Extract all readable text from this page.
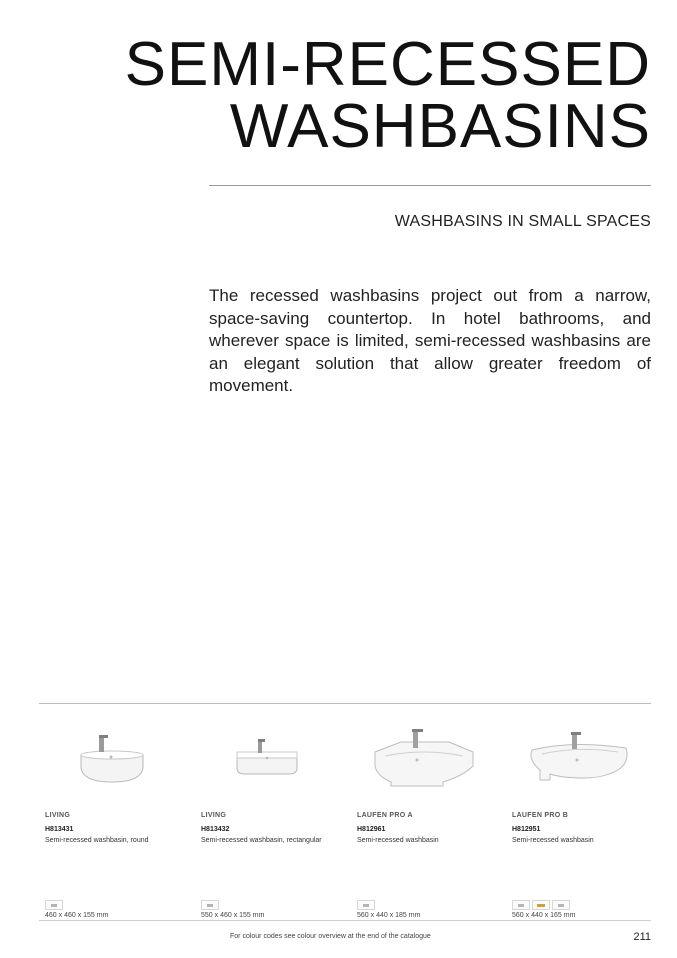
SEMI-RECESSED
WASHBASINS
WASHBASINS IN SMALL SPACES

The recessed washbasins project out from a narrow, space-saving countertop. In hotel bathrooms, and wherever space is limited, semi-recessed washbasins are an elegant solution that allow greater freedom of movement.

LIVING
H813431
Semi-recessed washbasin, round
460 x 460 x 155 mm
LIVING
H813432
Semi-recessed washbasin, rectangular
550 x 460 x 155 mm
LAUFEN PRO A
H812961
Semi-recessed washbasin
560 x 440 x 185 mm
LAUFEN PRO B
H812951
Semi-recessed washbasin
560 x 440 x 165 mm
For colour codes see colour overview at the end of the catalogue	211
